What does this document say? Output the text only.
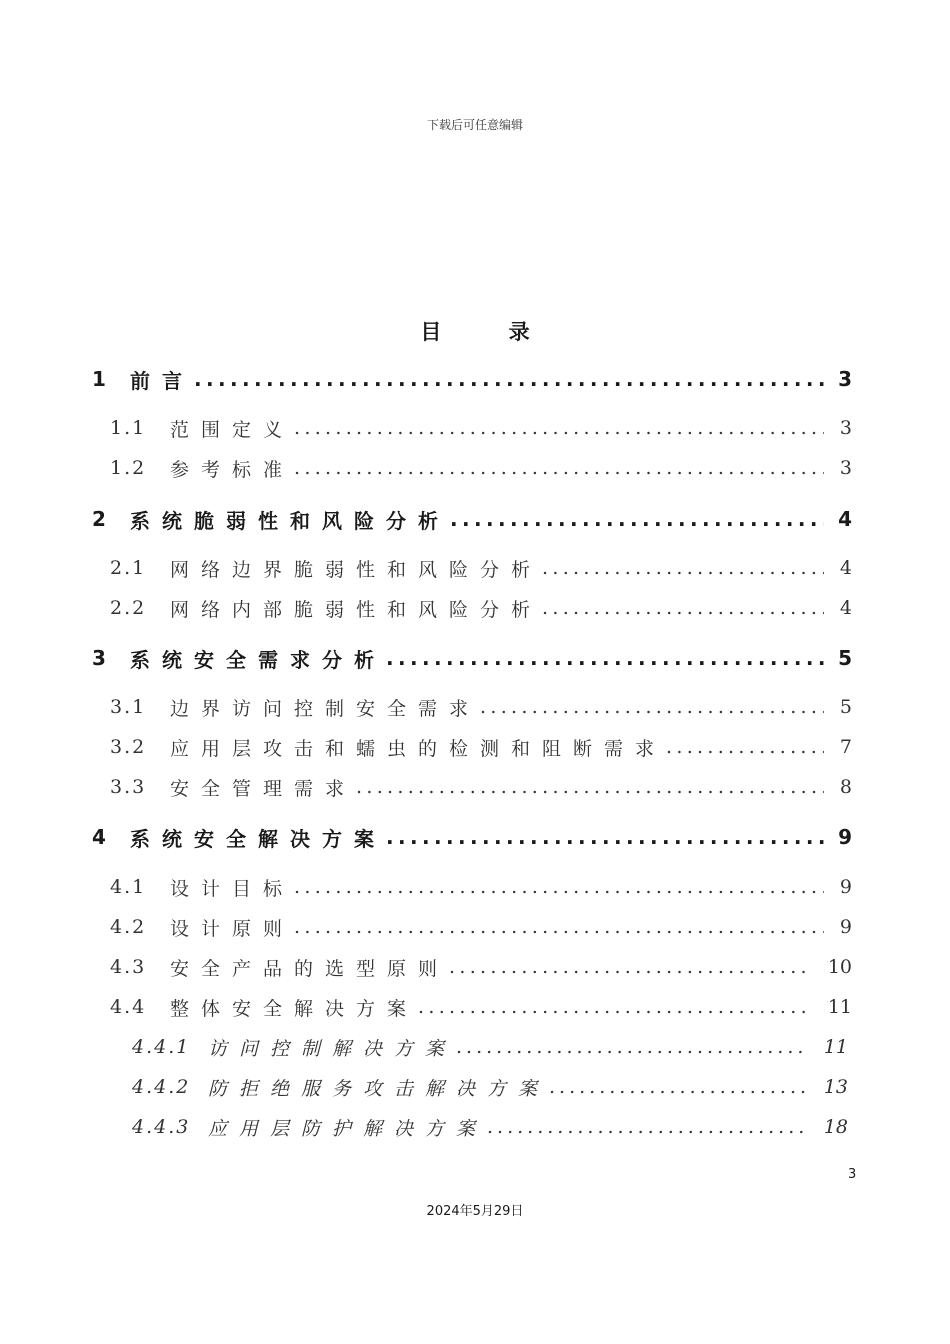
下载后可任意编辑
目 录
1 前言 .....	3
1.1 范围定义 .....	3
1.2 参考标准 .....	3
2 系统脆弱性和风险分析 .....	4
2.1 网络边界脆弱性和风险分析 .....	4
2.2 网络内部脆弱性和风险分析 .....	4
3 系统安全需求分析 .....	5
3.1 边界访问控制安全需求 .....	5
3.2 应用层攻击和蠕虫的检测和阻断需求 .....	7
3.3 安全管理需求 .....	8
4 系统安全解决方案 .....	9
4.1 设计目标 .....	9
4.2 设计原则 .....	9
4.3 安全产品的选型原则 .....	10
4.4 整体安全解决方案 .....	11
4.4.1 访问控制解决方案 .....	11
4.4.2 防拒绝服务攻击解决方案 .....	13
4.4.3 应用层防护解决方案 .....	18
3
2024年5月29日
